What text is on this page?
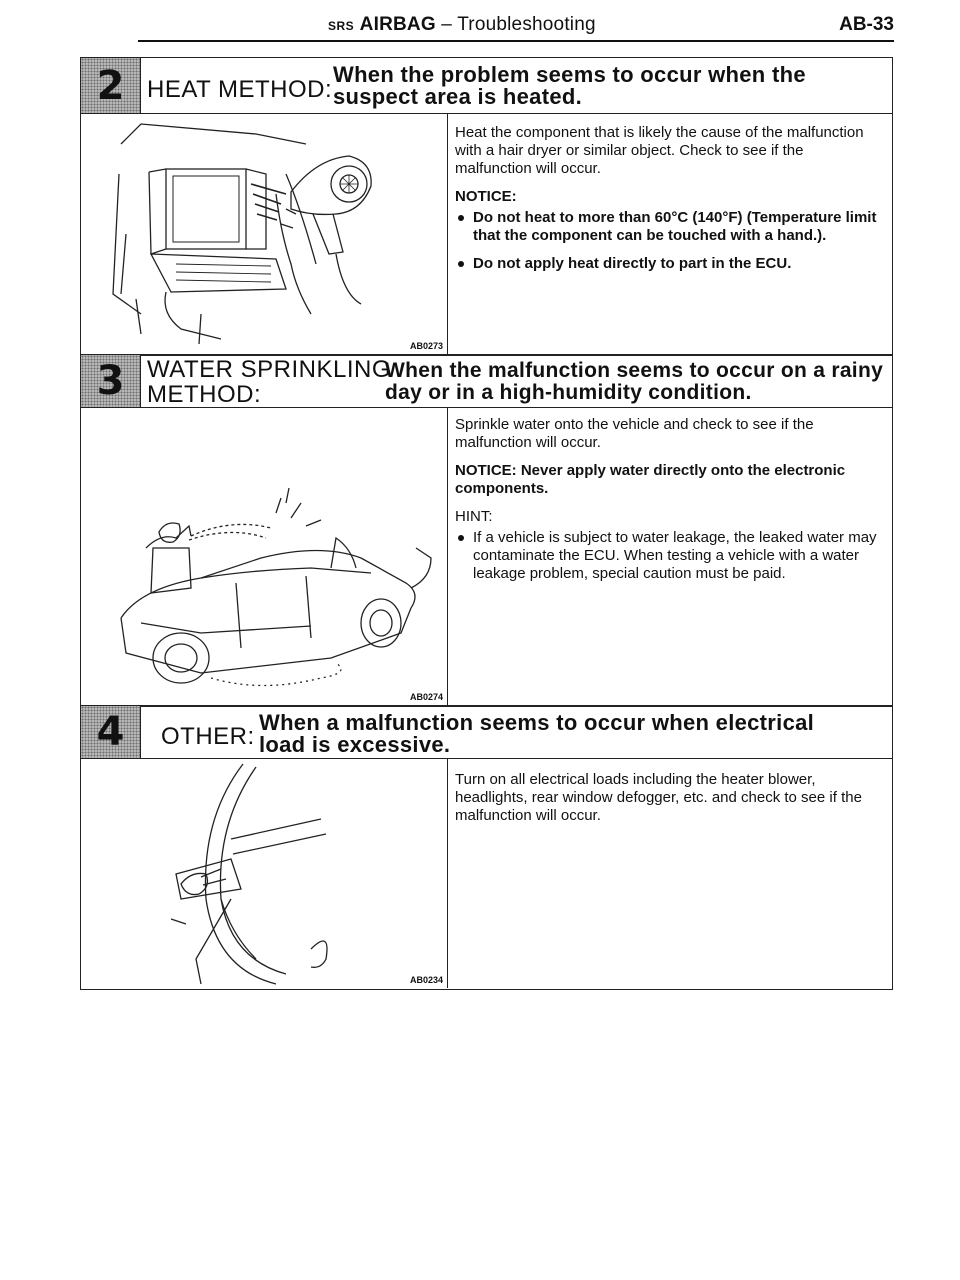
SRS AIRBAG – Troubleshooting	AB-33
2 HEAT METHOD:
When the problem seems to occur when the
suspect area is heated.
AB0273

Heat the component that is likely the cause of the malfunction with a hair dryer or similar object. Check to see if the malfunction will occur.

NOTICE:

Do not heat to more than 60°C (140°F) (Temperature limit that the component can be touched with a hand.).
Do not apply heat directly to part in the ECU.
3 WATER SPRINKLING
METHOD:
When the malfunction seems to occur on a rainy
day or in a high-humidity condition.
AB0274

Sprinkle water onto the vehicle and check to see if the malfunction will occur.

NOTICE: Never apply water directly onto the electronic components.

HINT:

If a vehicle is subject to water leakage, the leaked water may contaminate the ECU. When testing a vehicle with a water leakage problem, special caution must be paid.
4 OTHER:
When a malfunction seems to occur when electrical
load is excessive.
AB0234

Turn on all electrical loads including the heater blower, headlights, rear window defogger, etc. and check to see if the malfunction will occur.
